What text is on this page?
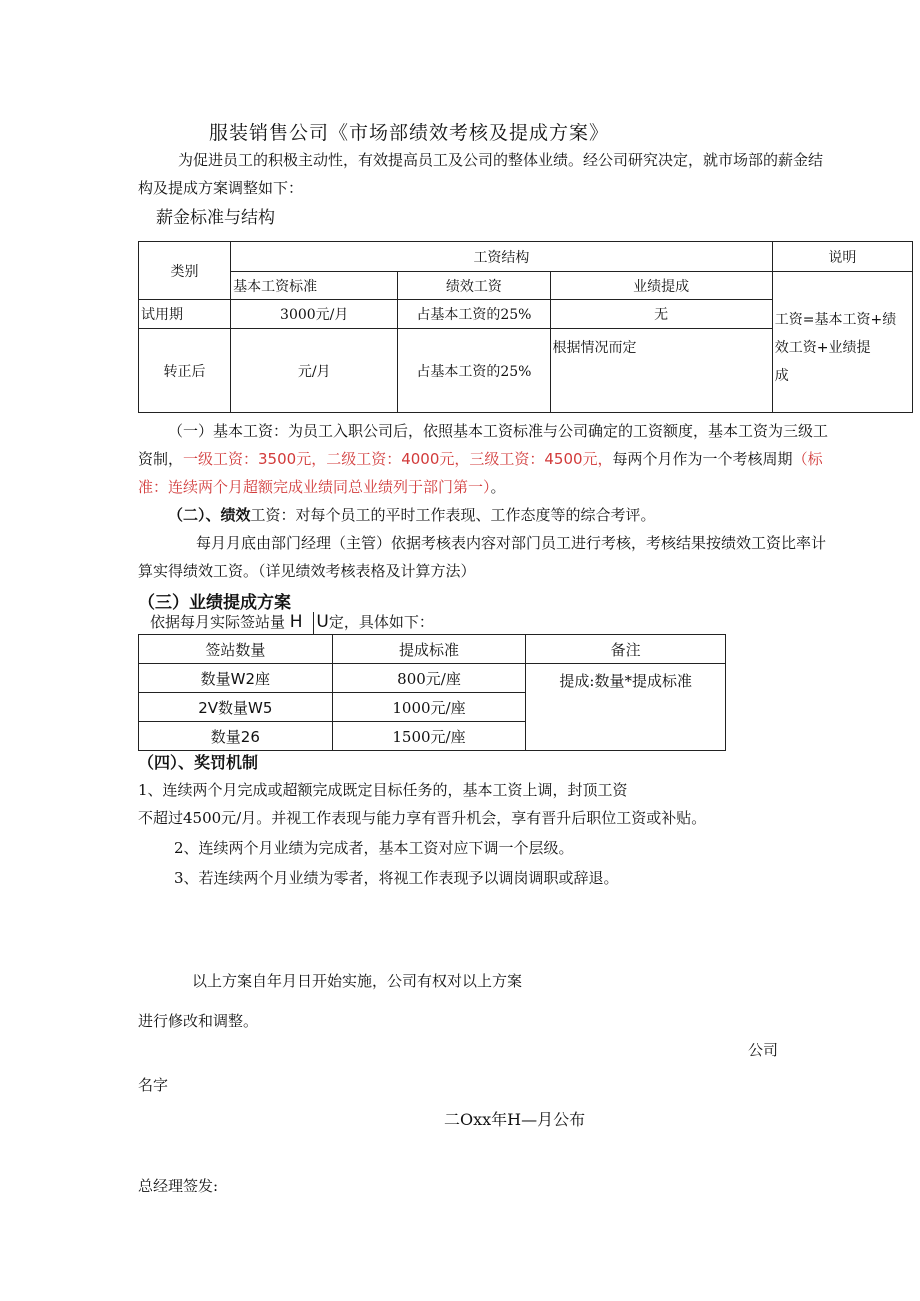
服装销售公司《市场部绩效考核及提成方案》
为促进员工的积极主动性，有效提高员工及公司的整体业绩。经公司研究决定，就市场部的薪金结
构及提成方案调整如下：
薪金标准与结构
类别	工资结构			说明
	基本工资标准	绩效工资	业绩提成	工资=基本工资+绩
效工资+业绩提
成

试用期	3000元/月	占基本工资的25%	无	
转正后	元/月	占基本工资的25%	根据情况而定	
（一）基本工资：为员工入职公司后，依照基本工资标准与公司确定的工资额度，基本工资为三级工
资制，一级工资：3500元，二级工资：4000元，三级工资：4500元，每两个月作为一个考核周期（标
准：连续两个月超额完成业绩同总业绩列于部门第一）。
（二）、绩效工资：对每个员工的平时工作表现、工作态度等的综合考评。
每月月底由部门经理（主管）依据考核表内容对部门员工进行考核，考核结果按绩效工资比率计
算实得绩效工资。（详见绩效考核表格及计算方法）
（三）业绩提成方案
依据每月实际签站量 H U定，具体如下：
签站数量	提成标准	备注
数量W2座	800元/座	提成:数量*提成标准
2V数量W5	1000元/座	
数量26	1500元/座	
（四）、奖罚机制
1、连续两个月完成或超额完成既定目标任务的，基本工资上调，封顶工资
不超过4500元/月。并视工作表现与能力享有晋升机会，享有晋升后职位工资或补贴。
2、连续两个月业绩为完成者，基本工资对应下调一个层级。
3、若连续两个月业绩为零者，将视工作表现予以调岗调职或辞退。
以上方案自年月日开始实施，公司有权对以上方案
进行修改和调整。
公司
名字
二Oxx年H—月公布
总经理签发:
